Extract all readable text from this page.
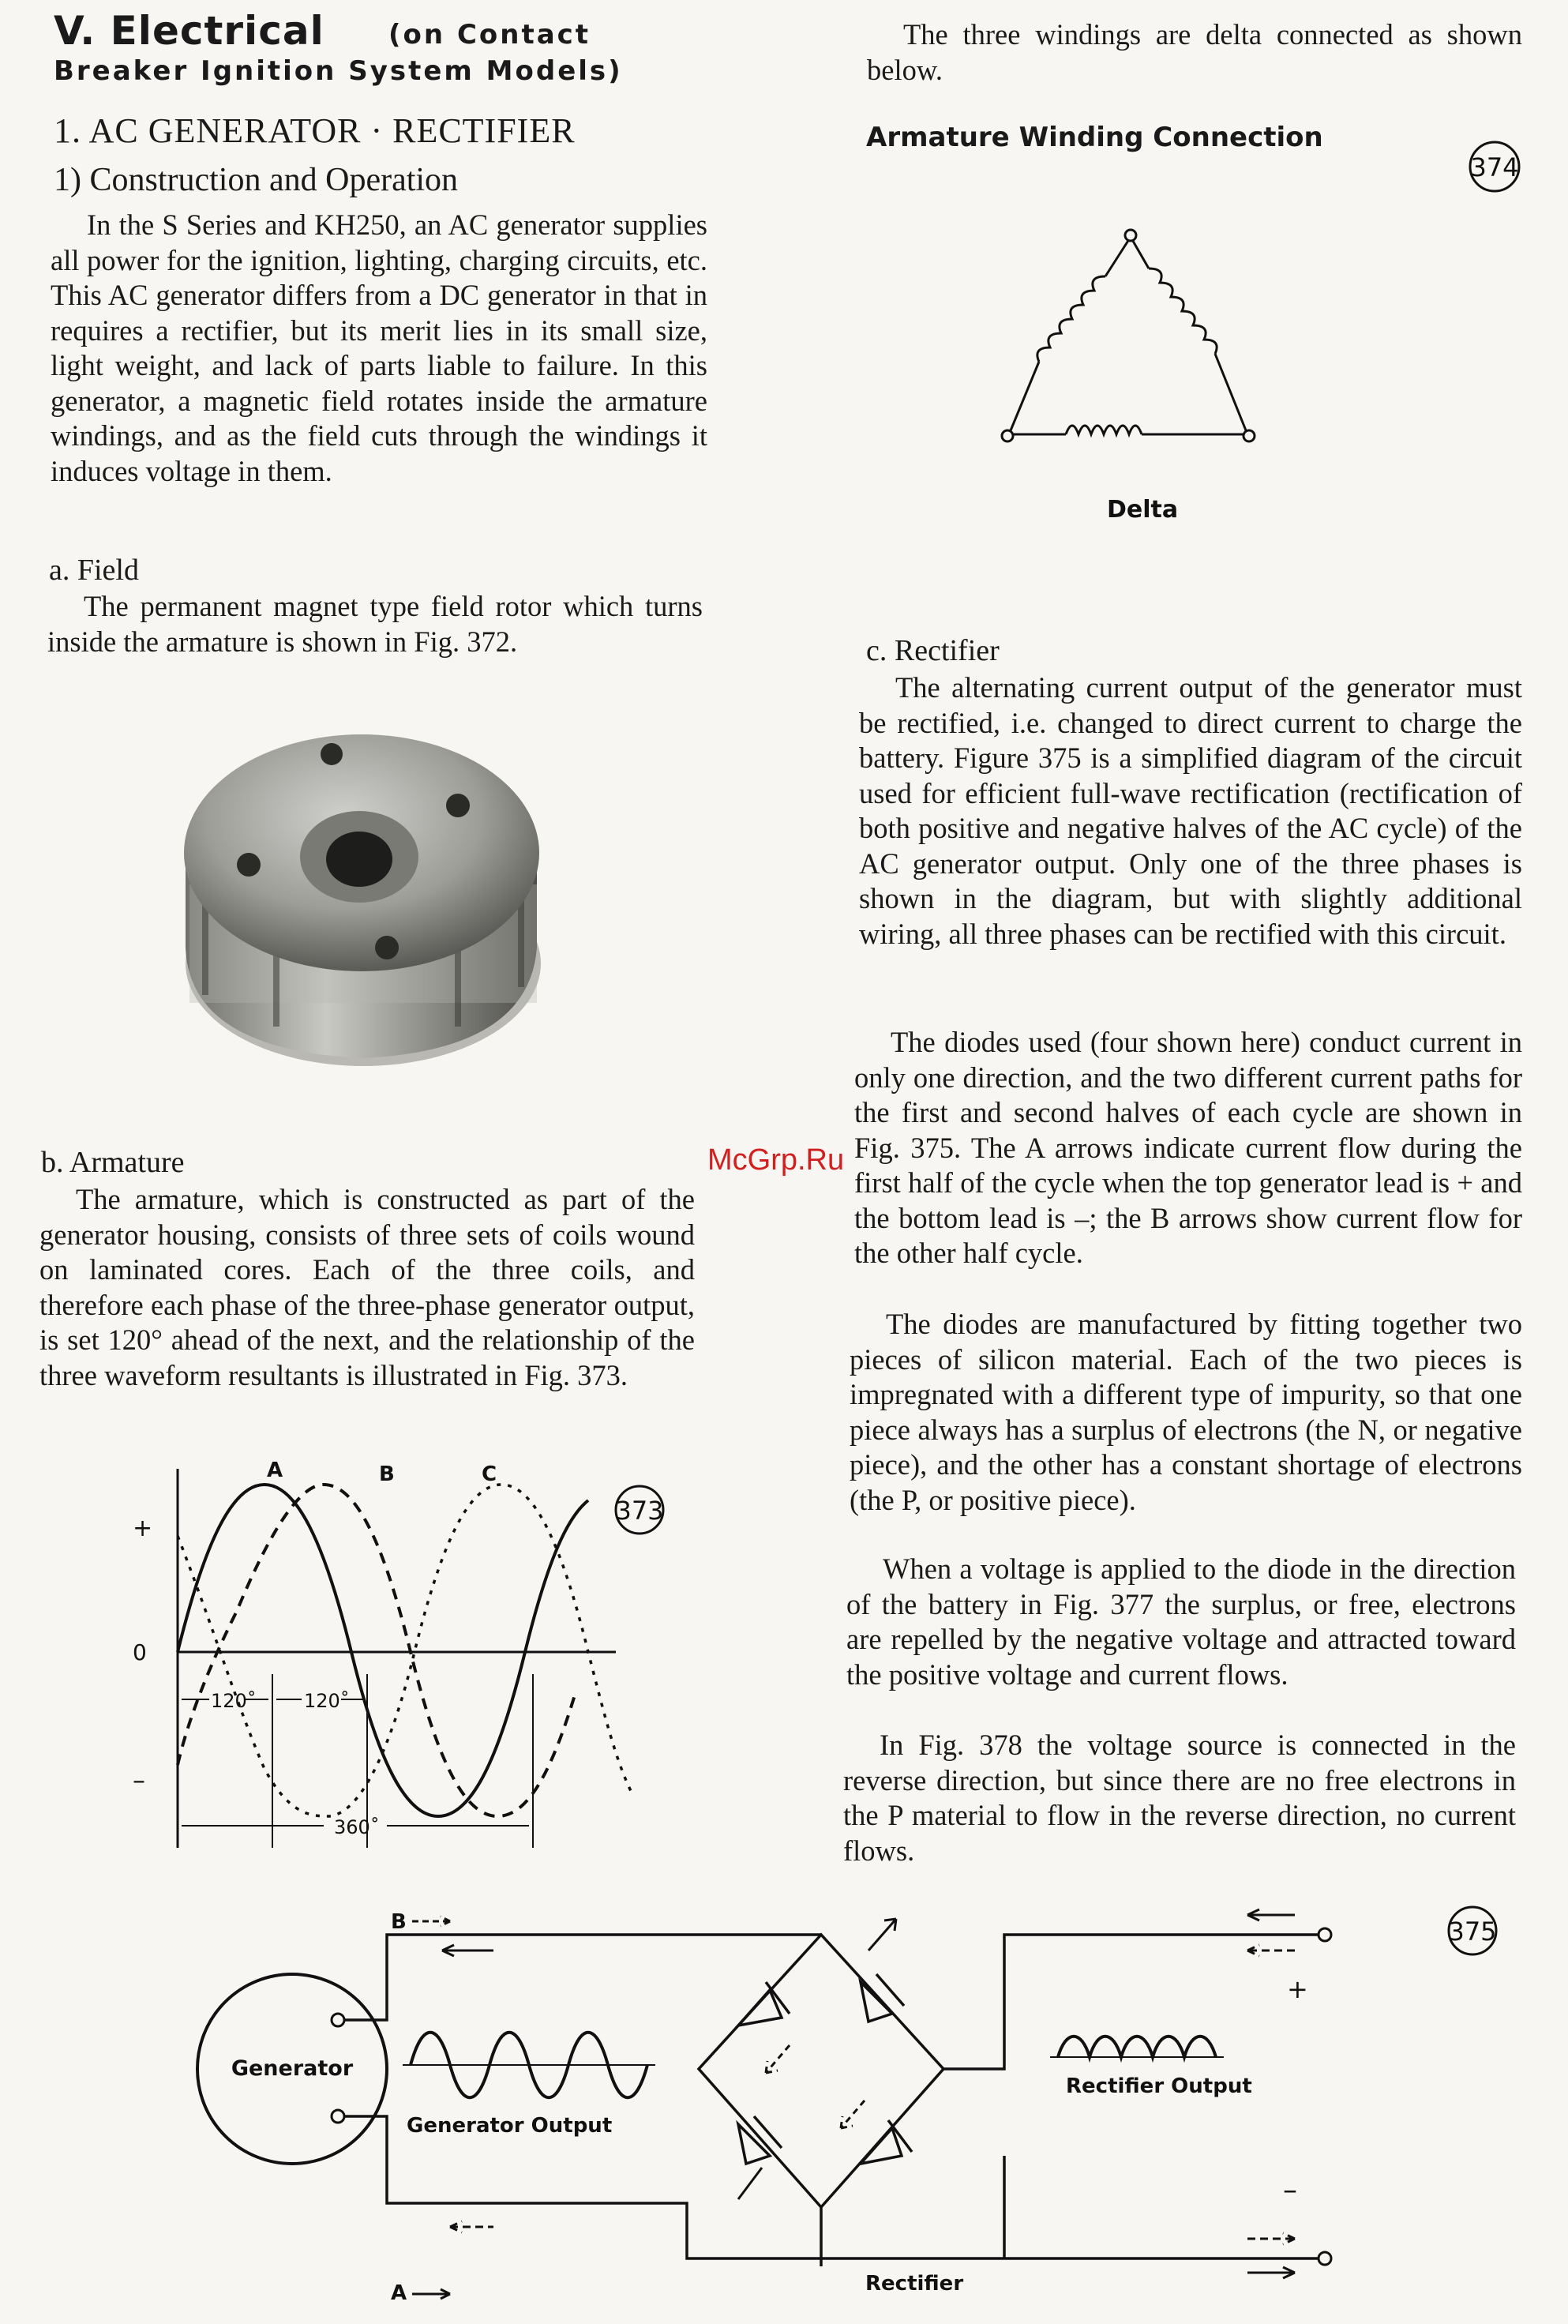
V. Electrical (on Contact
Breaker Ignition System Models)
1. AC GENERATOR · RECTIFIER
1) Construction and Operation
In the S Series and KH250, an AC generator supplies all power for the ignition, lighting, charging circuits, etc. This AC generator differs from a DC generator in that in requires a rectifier, but its merit lies in its small size, light weight, and lack of parts liable to failure. In this generator, a magnetic field rotates inside the armature windings, and as the field cuts through the windings it induces voltage in them.
a. Field
The permanent magnet type field rotor which turns inside the armature is shown in Fig. 372.
b. Armature
The armature, which is constructed as part of the generator housing, consists of three sets of coils wound on laminated cores. Each of the three coils, and therefore each phase of the three-phase generator output, is set 120° ahead of the next, and the relationship of the three waveform resultants is illustrated in Fig. 373.
120˚	120˚
360˚
A	B	C
+
0
–
373
The three windings are delta connected as shown below.
Armature Winding Connection
Delta
374
c. Rectifier
The alternating current output of the generator must be rectified, i.e. changed to direct current to charge the battery. Figure 375 is a simplified diagram of the circuit used for efficient full-wave rectification (rectification of both positive and negative halves of the AC cycle) of the AC generator output. Only one of the three phases is shown in the diagram, but with slightly additional wiring, all three phases can be rectified with this circuit.
The diodes used (four shown here) conduct current in only one direction, and the two different current paths for the first and second halves of each cycle are shown in Fig. 375. The A arrows indicate current flow during the first half of the cycle when the top generator lead is + and the bottom lead is –; the B arrows show current flow for the other half cycle.
The diodes are manufactured by fitting together two pieces of silicon material. Each of the two pieces is impregnated with a different type of impurity, so that one piece always has a surplus of electrons (the N, or negative piece), and the other has a constant shortage of electrons (the P, or positive piece).
When a voltage is applied to the diode in the direction of the battery in Fig. 377 the surplus, or free, electrons are repelled by the negative voltage and attracted toward the positive voltage and current flows.
In Fig. 378 the voltage source is connected in the reverse direction, but since there are no free electrons in the P material to flow in the reverse direction, no current flows.
McGrp.Ru
Generator
B
A
+
–
Generator Output
Rectifier Output
Rectifier
375
